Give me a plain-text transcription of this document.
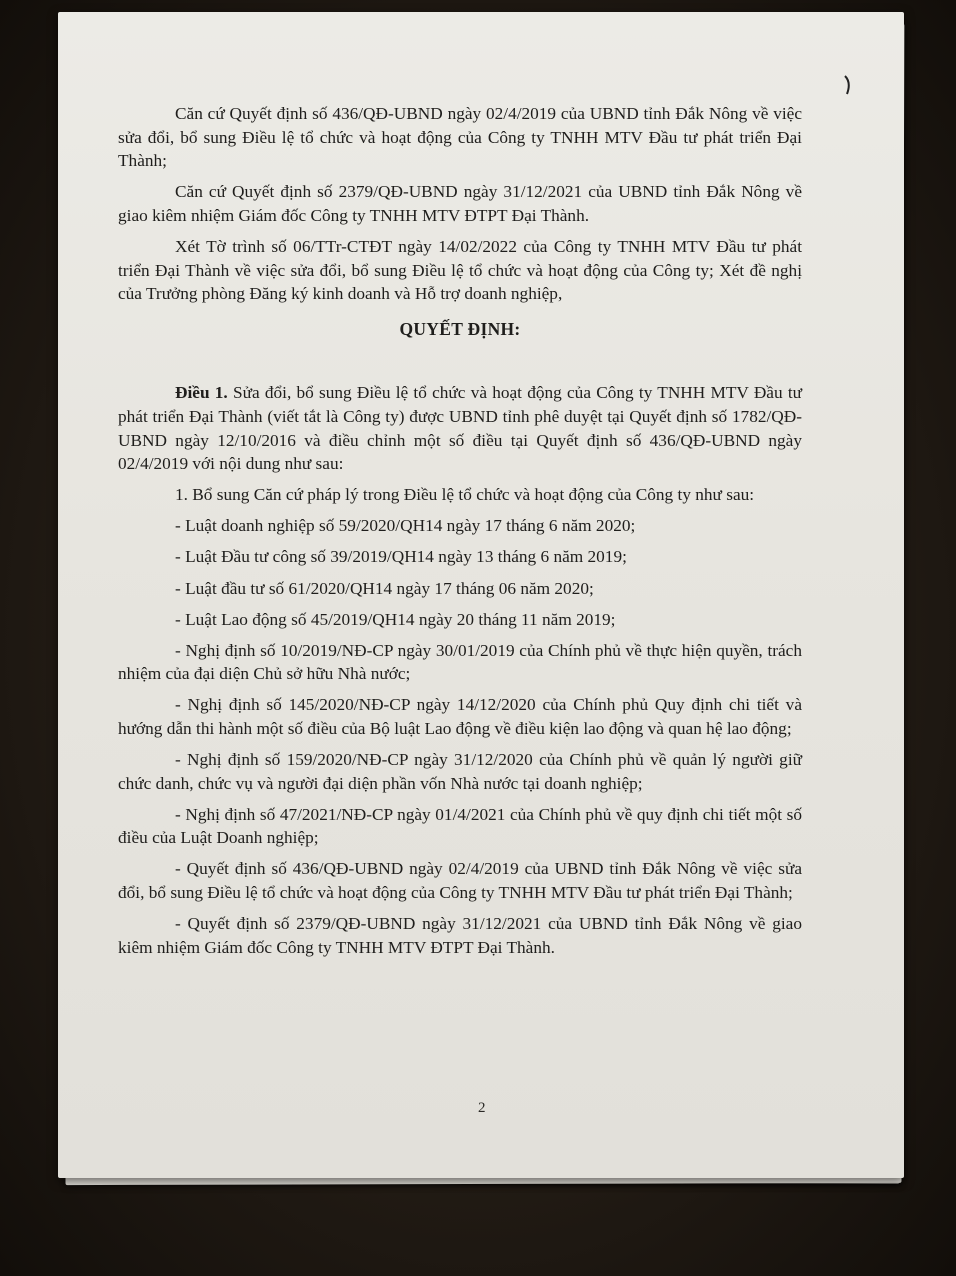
Căn cứ Quyết định số 436/QĐ-UBND ngày 02/4/2019 của UBND tỉnh Đắk Nông về việc sửa đổi, bổ sung Điều lệ tổ chức và hoạt động của Công ty TNHH MTV Đầu tư phát triển Đại Thành;

Căn cứ Quyết định số 2379/QĐ-UBND ngày 31/12/2021 của UBND tỉnh Đắk Nông về giao kiêm nhiệm Giám đốc Công ty TNHH MTV ĐTPT Đại Thành.

Xét Tờ trình số 06/TTr-CTĐT ngày 14/02/2022 của Công ty TNHH MTV Đầu tư phát triển Đại Thành về việc sửa đổi, bổ sung Điều lệ tổ chức và hoạt động của Công ty; Xét đề nghị của Trưởng phòng Đăng ký kinh doanh và Hỗ trợ doanh nghiệp,

QUYẾT ĐỊNH:

Điều 1. Sửa đổi, bổ sung Điều lệ tổ chức và hoạt động của Công ty TNHH MTV Đầu tư phát triển Đại Thành (viết tắt là Công ty) được UBND tỉnh phê duyệt tại Quyết định số 1782/QĐ-UBND ngày 12/10/2016 và điều chỉnh một số điều tại Quyết định số 436/QĐ-UBND ngày 02/4/2019 với nội dung như sau:

1. Bổ sung Căn cứ pháp lý trong Điều lệ tổ chức và hoạt động của Công ty như sau:

- Luật doanh nghiệp số 59/2020/QH14 ngày 17 tháng 6 năm 2020;

- Luật Đầu tư công số 39/2019/QH14 ngày 13 tháng 6 năm 2019;

- Luật đầu tư số 61/2020/QH14 ngày 17 tháng 06 năm 2020;

- Luật Lao động số 45/2019/QH14 ngày 20 tháng 11 năm 2019;

- Nghị định số 10/2019/NĐ-CP ngày 30/01/2019 của Chính phủ về thực hiện quyền, trách nhiệm của đại diện Chủ sở hữu Nhà nước;

- Nghị định số 145/2020/NĐ-CP ngày 14/12/2020 của Chính phủ Quy định chi tiết và hướng dẫn thi hành một số điều của Bộ luật Lao động về điều kiện lao động và quan hệ lao động;

- Nghị định số 159/2020/NĐ-CP ngày 31/12/2020 của Chính phủ về quản lý người giữ chức danh, chức vụ và người đại diện phần vốn Nhà nước tại doanh nghiệp;

- Nghị định số 47/2021/NĐ-CP ngày 01/4/2021 của Chính phủ về quy định chi tiết một số điều của Luật Doanh nghiệp;

- Quyết định số 436/QĐ-UBND ngày 02/4/2019 của UBND tỉnh Đắk Nông về việc sửa đổi, bổ sung Điều lệ tổ chức và hoạt động của Công ty TNHH MTV Đầu tư phát triển Đại Thành;

- Quyết định số 2379/QĐ-UBND ngày 31/12/2021 của UBND tỉnh Đắk Nông về giao kiêm nhiệm Giám đốc Công ty TNHH MTV ĐTPT Đại Thành.

2
